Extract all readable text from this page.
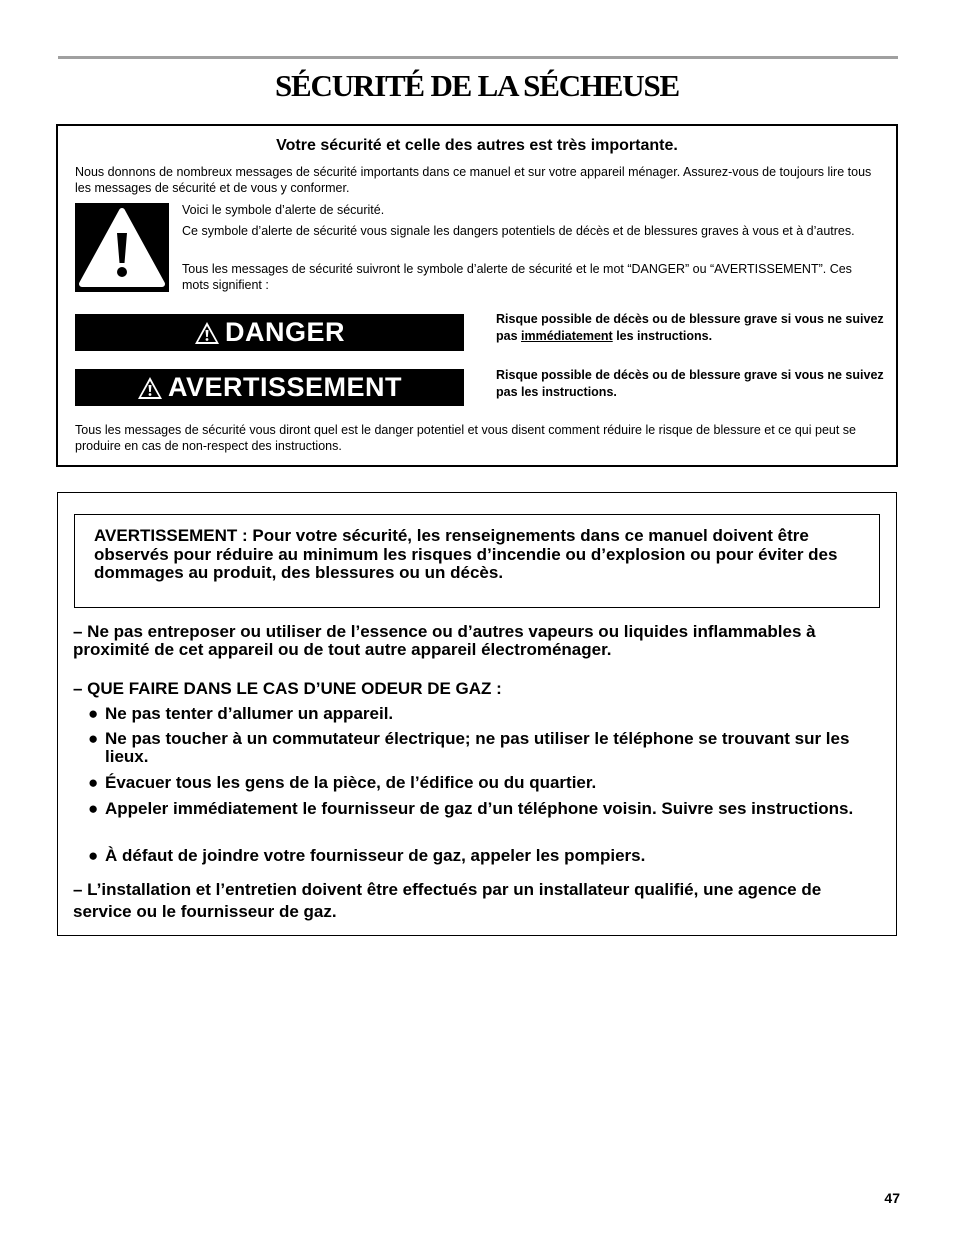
SÉCURITÉ DE LA SÉCHEUSE
Votre sécurité et celle des autres est très importante.
Nous donnons de nombreux messages de sécurité importants dans ce manuel et sur votre appareil ménager. Assurez-vous de toujours lire tous les messages de sécurité et de vous y conformer.
Voici le symbole d’alerte de sécurité.
Ce symbole d’alerte de sécurité vous signale les dangers potentiels de décès et de blessures graves à vous et à d’autres.
Tous les messages de sécurité suivront le symbole d’alerte de sécurité et le mot “DANGER” ou “AVERTISSEMENT”. Ces mots signifient :
DANGER	Risque possible de décès ou de blessure grave si vous ne suivez pas immédiatement les instructions.
AVERTISSEMENT	Risque possible de décès ou de blessure grave si vous ne suivez pas les instructions.
Tous les messages de sécurité vous diront quel est le danger potentiel et vous disent comment réduire le risque de blessure et ce qui peut se produire en cas de non-respect des instructions.
AVERTISSEMENT : Pour votre sécurité, les renseignements dans ce manuel doivent être observés pour réduire au minimum les risques d’incendie ou d’explosion ou pour éviter des dommages au produit, des blessures ou un décès.
– Ne pas entreposer ou utiliser de l’essence ou d’autres vapeurs ou liquides inflammables à proximité de cet appareil ou de tout autre appareil électroménager.
– QUE FAIRE DANS LE CAS D’UNE ODEUR DE GAZ :
● Ne pas tenter d’allumer un appareil.
● Ne pas toucher à un commutateur électrique; ne pas utiliser le téléphone se trouvant sur les lieux.
● Évacuer tous les gens de la pièce, de l’édifice ou du quartier.
● Appeler immédiatement le fournisseur de gaz d’un téléphone voisin. Suivre ses instructions.
● À défaut de joindre votre fournisseur de gaz, appeler les pompiers.
– L’installation et l’entretien doivent être effectués par un installateur qualifié, une agence de service ou le fournisseur de gaz.
47
